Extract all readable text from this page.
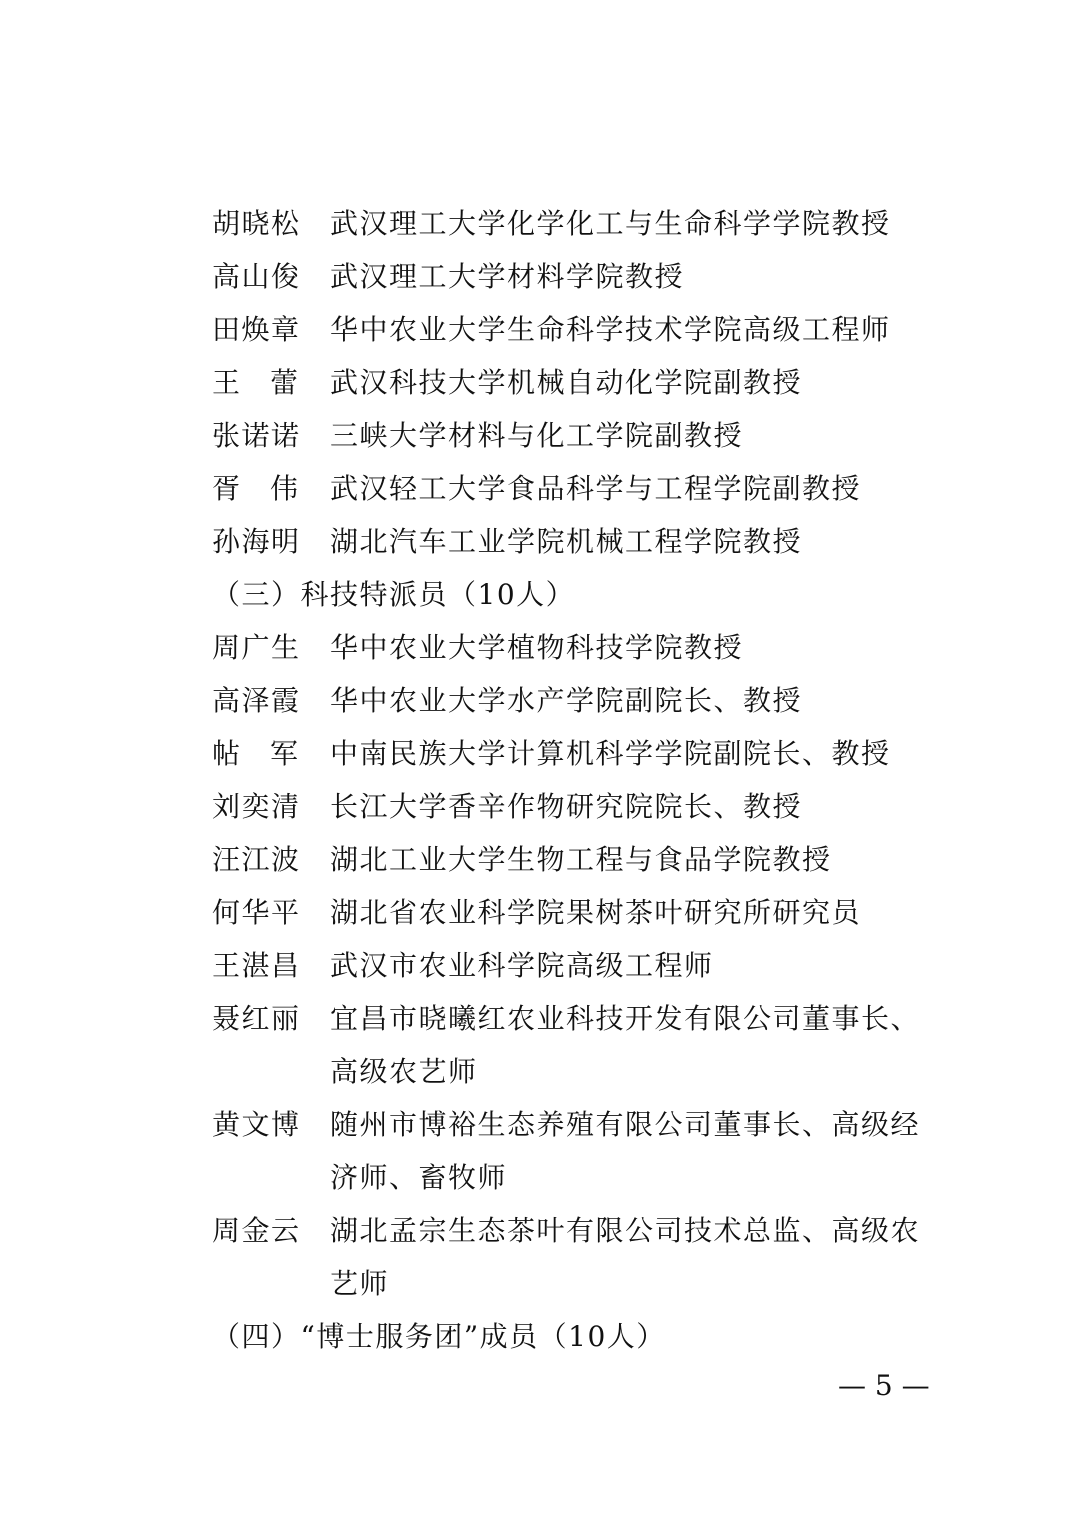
胡晓松	武汉理工大学化学化工与生命科学学院教授
高山俊	武汉理工大学材料学院教授
田焕章	华中农业大学生命科学技术学院高级工程师
王蕾 武汉科技大学机械自动化学院副教授
张诺诺	三峡大学材料与化工学院副教授
胥伟 武汉轻工大学食品科学与工程学院副教授
孙海明	湖北汽车工业学院机械工程学院教授
（三）科技特派员（10人）
周广生	华中农业大学植物科技学院教授
高泽霞	华中农业大学水产学院副院长、教授
帖军 中南民族大学计算机科学学院副院长、教授
刘奕清	长江大学香辛作物研究院院长、教授
汪江波	湖北工业大学生物工程与食品学院教授
何华平	湖北省农业科学院果树茶叶研究所研究员
王湛昌	武汉市农业科学院高级工程师
聂红丽	宜昌市晓曦红农业科技开发有限公司董事长、
高级农艺师
黄文博	随州市博裕生态养殖有限公司董事长、高级经
济师、畜牧师
周金云	湖北孟宗生态茶叶有限公司技术总监、高级农
艺师
（四）“博士服务团”成员（10人）
— 5 —
